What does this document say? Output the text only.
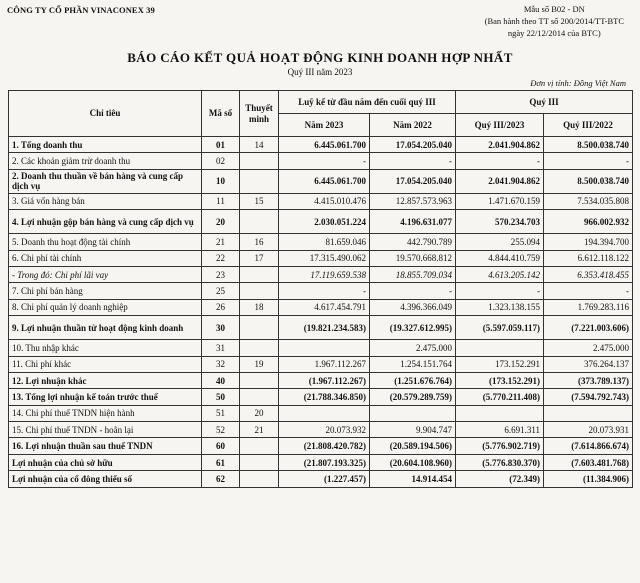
CÔNG TY CỔ PHẦN VINACONEX 39	Mẫu số B02 - DN
(Ban hành theo TT số 200/2014/TT-BTC
ngày 22/12/2014 của BTC)
BÁO CÁO KẾT QUẢ HOẠT ĐỘNG KINH DOANH HỢP NHẤT
Quý III năm 2023
Đơn vị tính: Đồng Việt Nam
Chỉ tiêu	Mã số	Thuyết minh	Luỹ kế từ đầu năm đến cuối quý III		Quý III	
			Năm 2023	Năm 2022	Quý III/2023	Quý III/2022
1. Tổng doanh thu	01	14	6.445.061.700	17.054.205.040	2.041.904.862	8.500.038.740
2. Các khoản giảm trừ doanh thu	02		-	-	-	-
2. Doanh thu thuần về bán hàng và cung cấp dịch vụ	10		6.445.061.700	17.054.205.040	2.041.904.862	8.500.038.740
3. Giá vốn hàng bán	11	15	4.415.010.476	12.857.573.963	1.471.670.159	7.534.035.808
4. Lợi nhuận gộp bán hàng và cung cấp dịch vụ	20		2.030.051.224	4.196.631.077	570.234.703	966.002.932
5. Doanh thu hoạt động tài chính	21	16	81.659.046	442.790.789	255.094	194.394.700
6. Chi phí tài chính	22	17	17.315.490.062	19.570.668.812	4.844.410.759	6.612.118.122
- Trong đó: Chi phí lãi vay	23		17.119.659.538	18.855.709.034	4.613.205.142	6.353.418.455
7. Chi phí bán hàng	25		-	-	-	-
8. Chi phí quản lý doanh nghiệp	26	18	4.617.454.791	4.396.366.049	1.323.138.155	1.769.283.116
9. Lợi nhuận thuần từ hoạt động kinh doanh	30		(19.821.234.583)	(19.327.612.995)	(5.597.059.117)	(7.221.003.606)
10. Thu nhập khác	31			2.475.000		2.475.000
11. Chi phí khác	32	19	1.967.112.267	1.254.151.764	173.152.291	376.264.137
12. Lợi nhuận khác	40		(1.967.112.267)	(1.251.676.764)	(173.152.291)	(373.789.137)
13. Tổng lợi nhuận kế toán trước thuế	50		(21.788.346.850)	(20.579.289.759)	(5.770.211.408)	(7.594.792.743)
14. Chi phí thuế TNDN hiện hành	51	20				
15. Chi phí thuế TNDN - hoãn lại	52	21	20.073.932	9.904.747	6.691.311	20.073.931
16. Lợi nhuận thuần sau thuế TNDN	60		(21.808.420.782)	(20.589.194.506)	(5.776.902.719)	(7.614.866.674)
Lợi nhuận của chủ sở hữu	61		(21.807.193.325)	(20.604.108.960)	(5.776.830.370)	(7.603.481.768)
Lợi nhuận của cổ đông thiểu số	62		(1.227.457)	14.914.454	(72.349)	(11.384.906)
